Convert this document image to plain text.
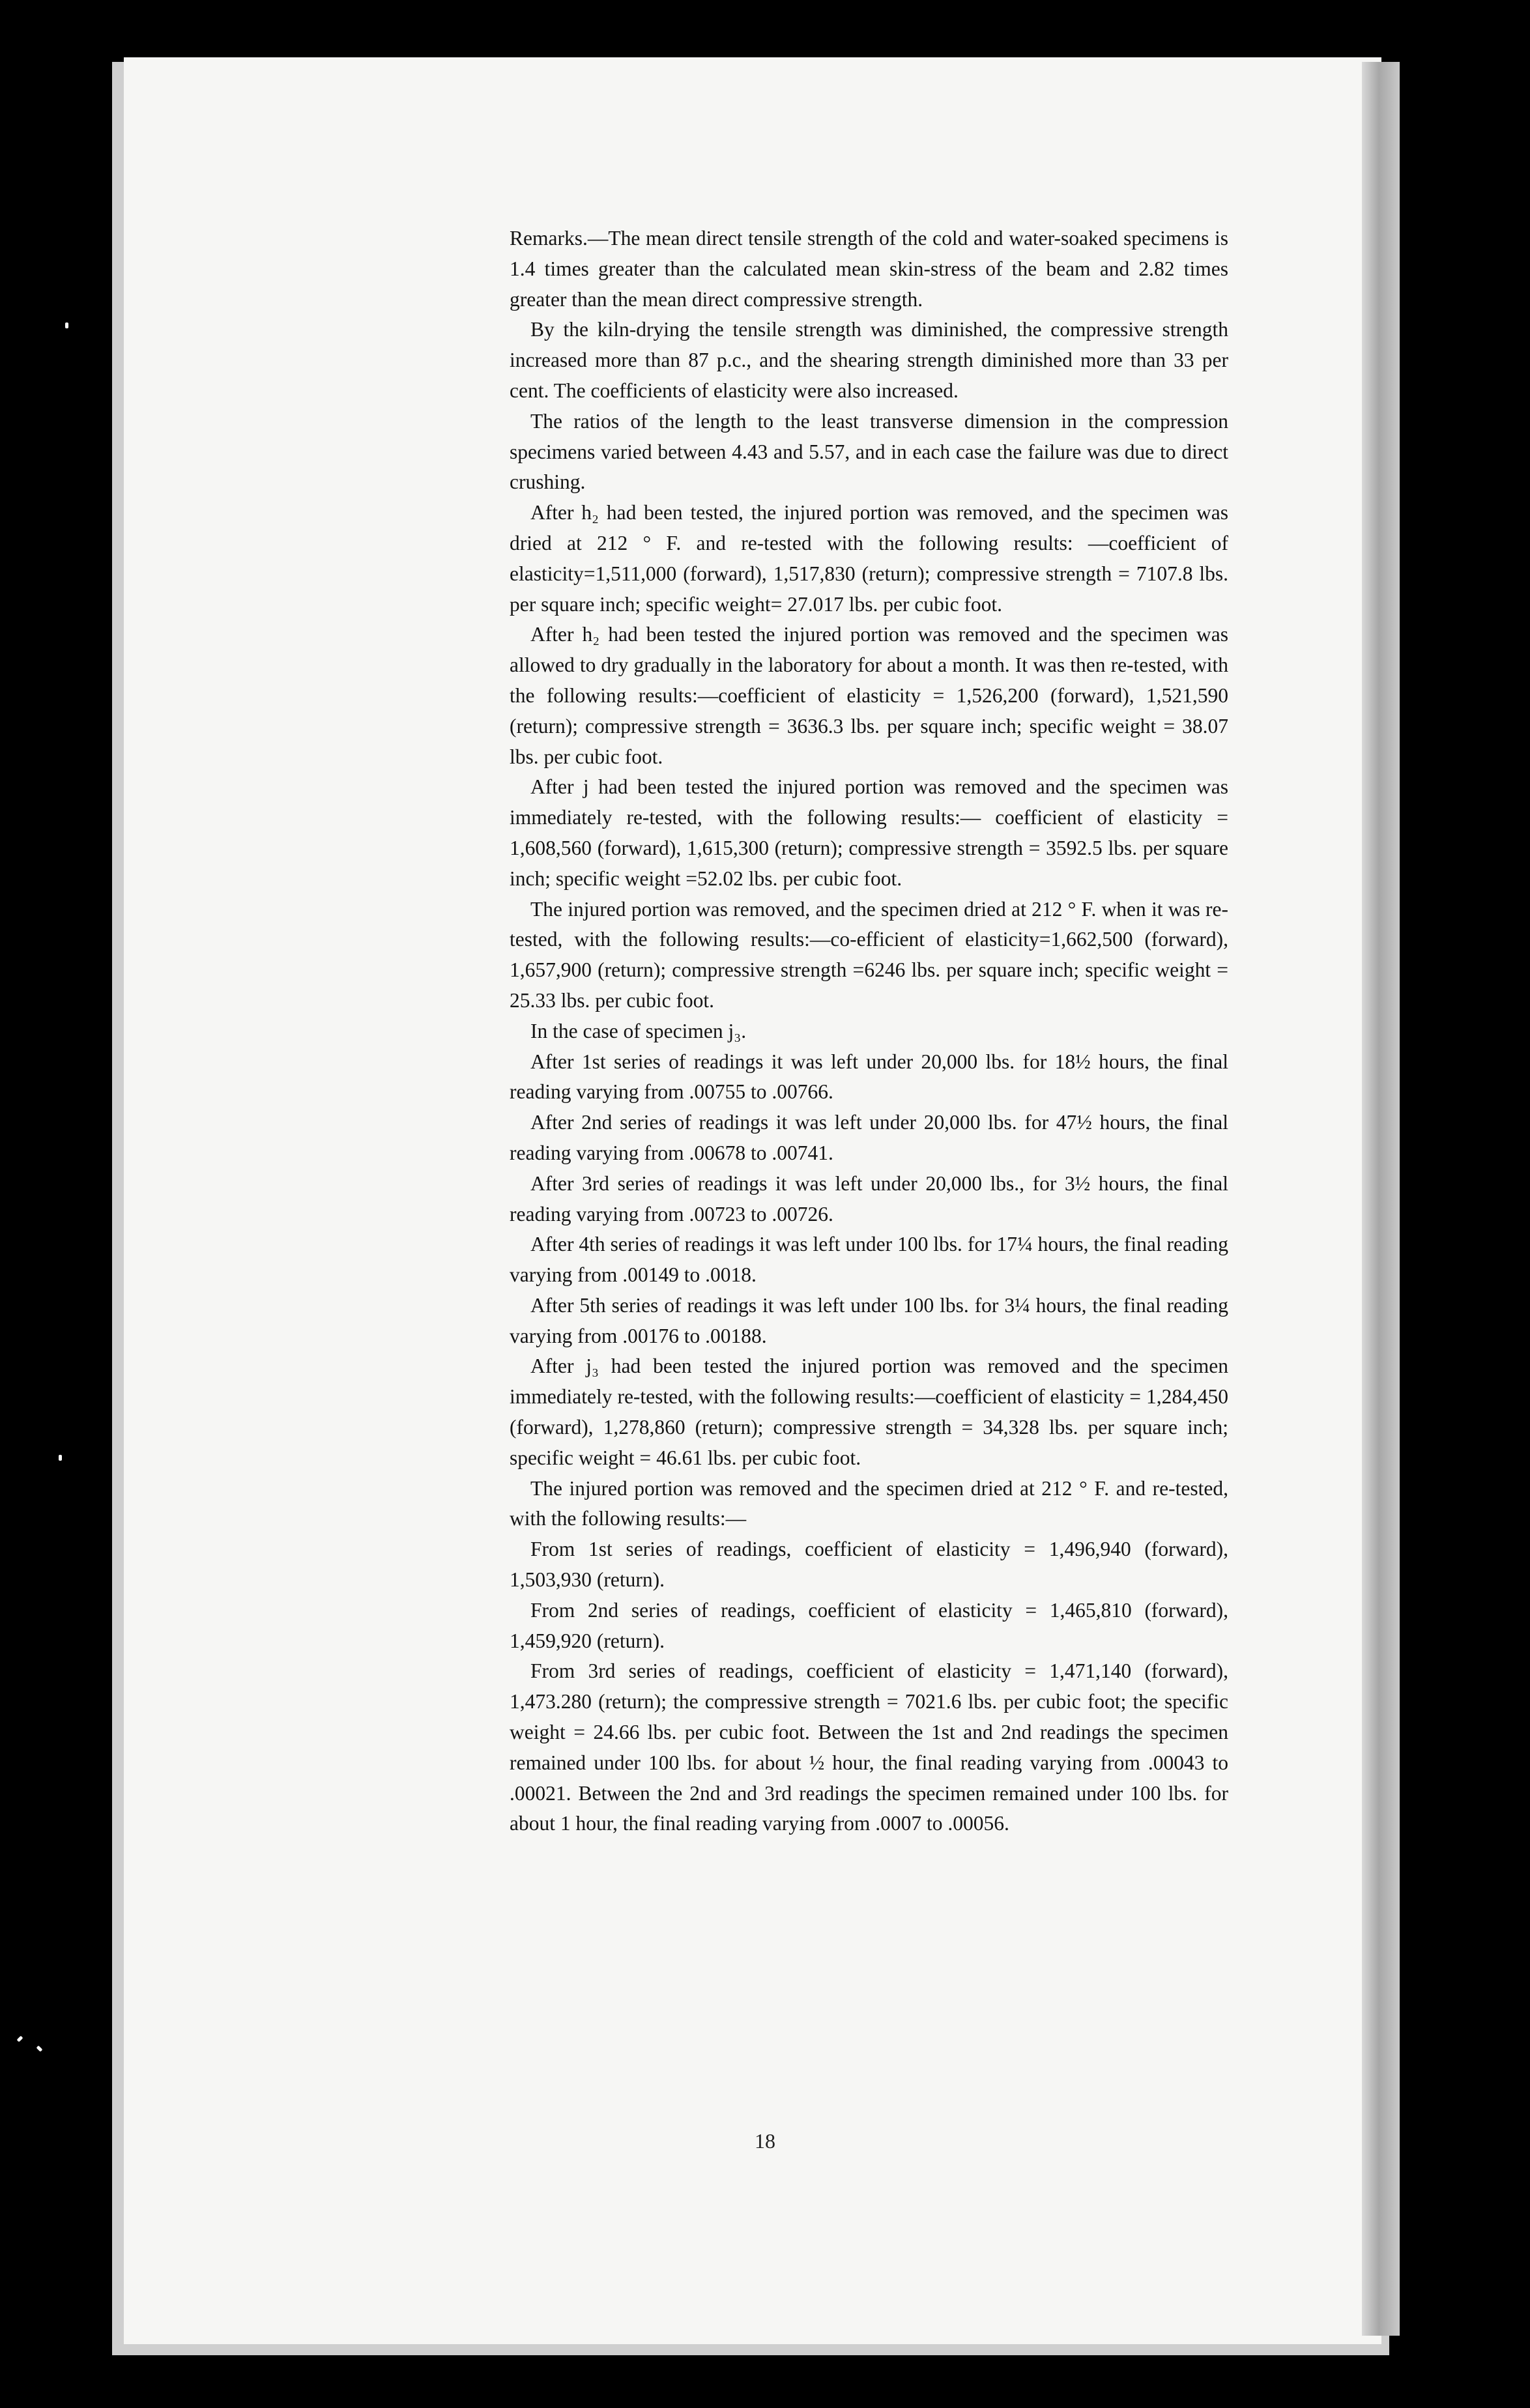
Remarks.—The mean direct tensile strength of the cold and water-soaked specimens is 1.4 times greater than the calculated mean skin-stress of the beam and 2.82 times greater than the mean direct compressive strength.

By the kiln-drying the tensile strength was diminished, the compressive strength increased more than 87 p.c., and the shearing strength diminished more than 33 per cent. The coefficients of elasticity were also increased.

The ratios of the length to the least transverse dimension in the compression specimens varied between 4.43 and 5.57, and in each case the failure was due to direct crushing.

After h₂ had been tested, the injured portion was removed, and the specimen was dried at 212 ° F. and re-tested with the following results: —coefficient of elasticity=1,511,000 (forward), 1,517,830 (return); compressive strength = 7107.8 lbs. per square inch; specific weight= 27.017 lbs. per cubic foot.

After h₂ had been tested the injured portion was removed and the specimen was allowed to dry gradually in the laboratory for about a month. It was then re-tested, with the following results:—coefficient of elasticity = 1,526,200 (forward), 1,521,590 (return); compressive strength = 3636.3 lbs. per square inch; specific weight = 38.07 lbs. per cubic foot.

After j had been tested the injured portion was removed and the specimen was immediately re-tested, with the following results:— coefficient of elasticity = 1,608,560 (forward), 1,615,300 (return); compressive strength = 3592.5 lbs. per square inch; specific weight =52.02 lbs. per cubic foot.

The injured portion was removed, and the specimen dried at 212 ° F. when it was re-tested, with the following results:—co-efficient of elasticity=1,662,500 (forward), 1,657,900 (return); compressive strength =6246 lbs. per square inch; specific weight = 25.33 lbs. per cubic foot.

In the case of specimen j₃.

After 1st series of readings it was left under 20,000 lbs. for 18½ hours, the final reading varying from .00755 to .00766.

After 2nd series of readings it was left under 20,000 lbs. for 47½ hours, the final reading varying from .00678 to .00741.

After 3rd series of readings it was left under 20,000 lbs., for 3½ hours, the final reading varying from .00723 to .00726.

After 4th series of readings it was left under 100 lbs. for 17¼ hours, the final reading varying from .00149 to .0018.

After 5th series of readings it was left under 100 lbs. for 3¼ hours, the final reading varying from .00176 to .00188.

After j₃ had been tested the injured portion was removed and the specimen immediately re-tested, with the following results:—coefficient of elasticity = 1,284,450 (forward), 1,278,860 (return); compressive strength = 34,328 lbs. per square inch; specific weight = 46.61 lbs. per cubic foot.

The injured portion was removed and the specimen dried at 212 ° F. and re-tested, with the following results:—

From 1st series of readings, coefficient of elasticity = 1,496,940 (forward), 1,503,930 (return).

From 2nd series of readings, coefficient of elasticity = 1,465,810 (forward), 1,459,920 (return).

From 3rd series of readings, coefficient of elasticity = 1,471,140 (forward), 1,473.280 (return); the compressive strength = 7021.6 lbs. per cubic foot; the specific weight = 24.66 lbs. per cubic foot. Between the 1st and 2nd readings the specimen remained under 100 lbs. for about ½ hour, the final reading varying from .00043 to .00021. Between the 2nd and 3rd readings the specimen remained under 100 lbs. for about 1 hour, the final reading varying from .0007 to .00056.

18
